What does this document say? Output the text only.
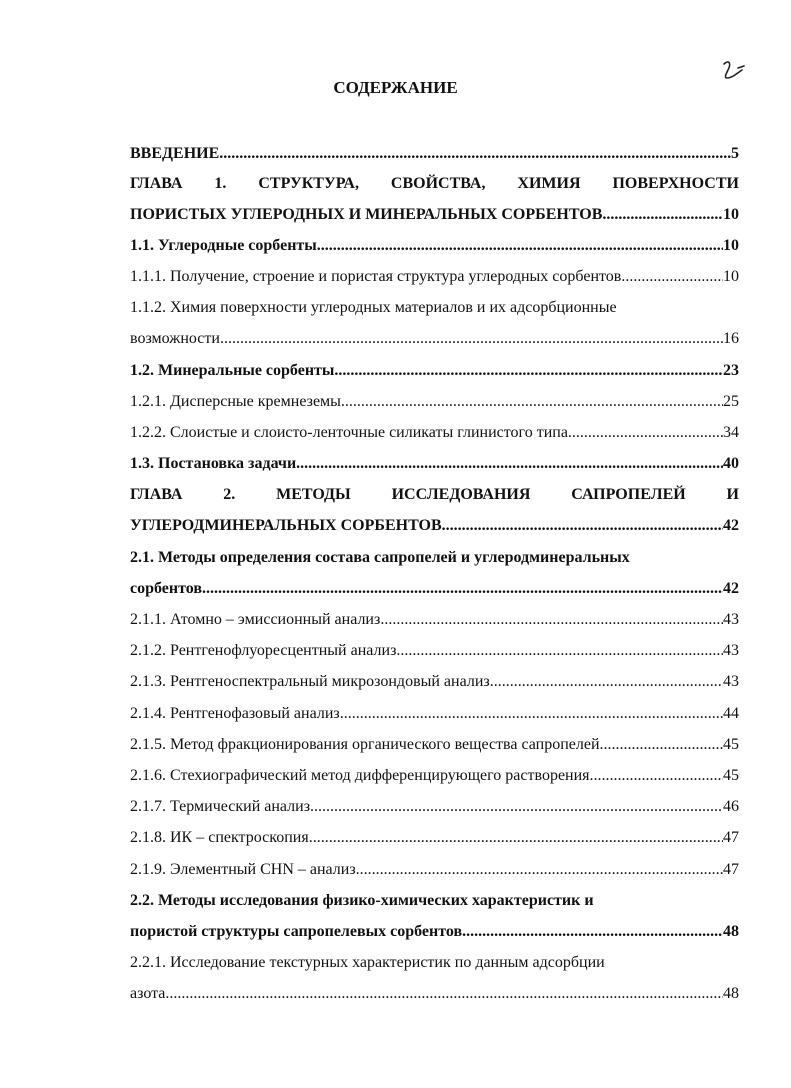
СОДЕРЖАНИЕ
ВВЕДЕНИЕ .....	5
ГЛАВА 1. СТРУКТУРА, СВОЙСТВА, ХИМИЯ ПОВЕРХНОСТИ
ПОРИСТЫХ УГЛЕРОДНЫХ И МИНЕРАЛЬНЫХ СОРБЕНТОВ .....	10
1.1. Углеродные сорбенты .....	10
1.1.1. Получение, строение и пористая структура углеродных сорбентов .....	10
1.1.2. Химия поверхности углеродных материалов и их адсорбционные
возможности .....	16
1.2. Минеральные сорбенты .....	23
1.2.1. Дисперсные кремнеземы .....	25
1.2.2. Слоистые и слоисто-ленточные силикаты глинистого типа .....	34
1.3. Постановка задачи .....	40
ГЛАВА	2.	МЕТОДЫ	ИССЛЕДОВАНИЯ	САПРОПЕЛЕЙ	И
УГЛЕРОДМИНЕРАЛЬНЫХ СОРБЕНТОВ .....	42
2.1. Методы определения состава сапропелей и углеродминеральных
сорбентов .....	42
2.1.1. Атомно – эмиссионный анализ .....	43
2.1.2. Рентгенофлуоресцентный анализ .....	43
2.1.3. Рентгеноспектральный микрозондовый анализ .....	43
2.1.4. Рентгенофазовый анализ .....	44
2.1.5. Метод фракционирования органического вещества сапропелей .....	45
2.1.6. Стехиографический метод дифференцирующего растворения .....	45
2.1.7. Термический анализ .....	46
2.1.8. ИК – спектроскопия .....	47
2.1.9. Элементный CHN – анализ .....	47
2.2. Методы исследования физико-химических характеристик и
пористой структуры сапропелевых сорбентов .....	48
2.2.1. Исследование текстурных характеристик по данным адсорбции
азота .....	48
